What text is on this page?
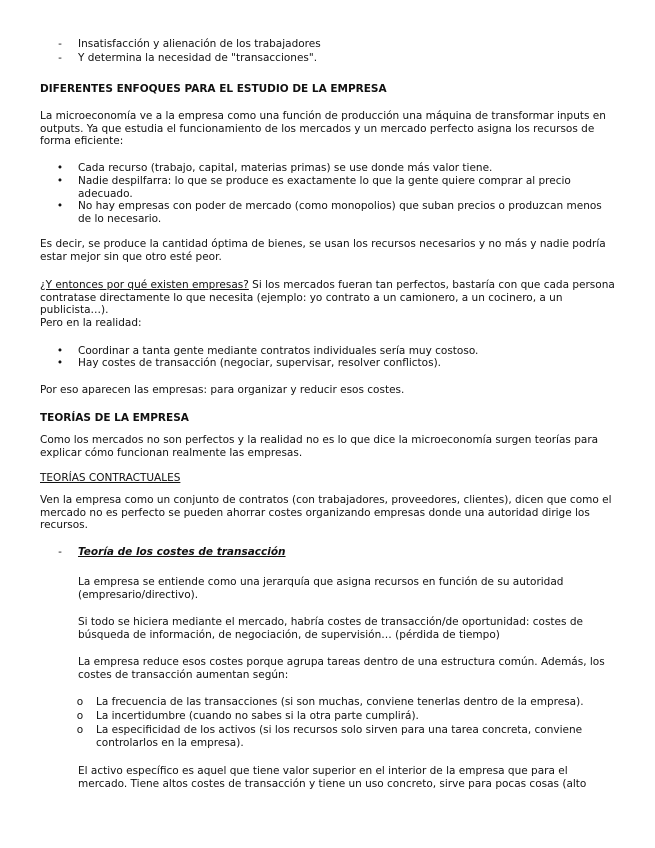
- Insatisfacción y alienación de los trabajadores

- Y determina la necesidad de "transacciones".

DIFERENTES ENFOQUES PARA EL ESTUDIO DE LA EMPRESA

La microeconomía ve a la empresa como una función de producción una máquina de transformar inputs en outputs. Ya que estudia el funcionamiento de los mercados y un mercado perfecto asigna los recursos de forma eficiente:

• Cada recurso (trabajo, capital, materias primas) se use donde más valor tiene.

• Nadie despilfarra: lo que se produce es exactamente lo que la gente quiere comprar al precio adecuado.

• No hay empresas con poder de mercado (como monopolios) que suban precios o produzcan menos de lo necesario.

Es decir, se produce la cantidad óptima de bienes, se usan los recursos necesarios y no más y nadie podría estar mejor sin que otro esté peor.

¿Y entonces por qué existen empresas? Si los mercados fueran tan perfectos, bastaría con que cada persona contratase directamente lo que necesita (ejemplo: yo contrato a un camionero, a un cocinero, a un publicista…).

Pero en la realidad:

• Coordinar a tanta gente mediante contratos individuales sería muy costoso.

• Hay costes de transacción (negociar, supervisar, resolver conflictos).

Por eso aparecen las empresas: para organizar y reducir esos costes.

TEORÍAS DE LA EMPRESA

Como los mercados no son perfectos y la realidad no es lo que dice la microeconomía surgen teorías para explicar cómo funcionan realmente las empresas.

TEORÍAS CONTRACTUALES

Ven la empresa como un conjunto de contratos (con trabajadores, proveedores, clientes), dicen que como el mercado no es perfecto se pueden ahorrar costes organizando empresas donde una autoridad dirige los recursos.

- Teoría de los costes de transacción

La empresa se entiende como una jerarquía que asigna recursos en función de su autoridad (empresario/directivo).

Si todo se hiciera mediante el mercado, habría costes de transacción/de oportunidad: costes de búsqueda de información, de negociación, de supervisión… (pérdida de tiempo)

La empresa reduce esos costes porque agrupa tareas dentro de una estructura común. Además, los costes de transacción aumentan según:

o La frecuencia de las transacciones (si son muchas, conviene tenerlas dentro de la empresa).

o La incertidumbre (cuando no sabes si la otra parte cumplirá).

o La especificidad de los activos (si los recursos solo sirven para una tarea concreta, conviene controlarlos en la empresa).

El activo específico es aquel que tiene valor superior en el interior de la empresa que para el mercado. Tiene altos costes de transacción y tiene un uso concreto, sirve para pocas cosas (alto
